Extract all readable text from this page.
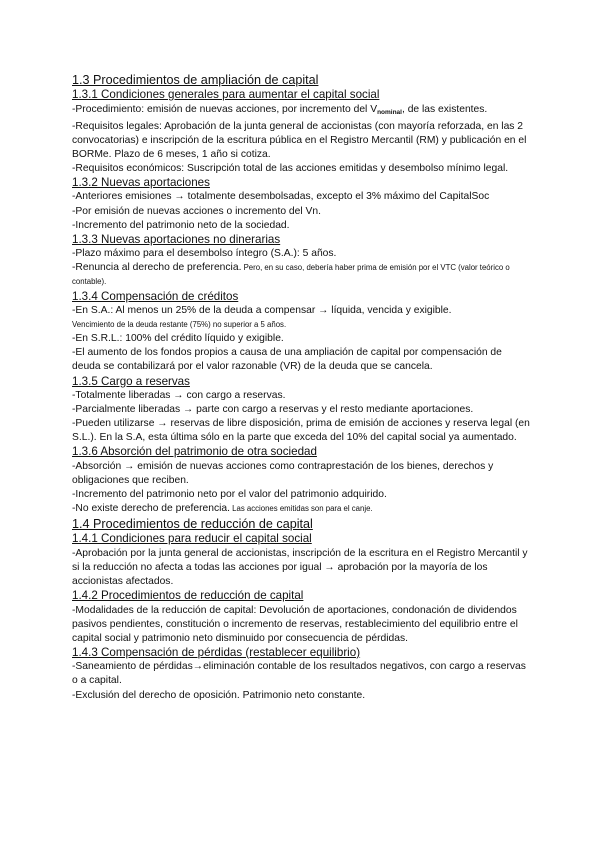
1.3 Procedimientos de ampliación de capital
1.3.1 Condiciones generales para aumentar el capital social

-Procedimiento: emisión de nuevas acciones, por incremento del $V_{nominal}$, de las existentes.

-Requisitos legales: Aprobación de la junta general de accionistas (con mayoría reforzada, en las 2 convocatorias) e inscripción de la escritura pública en el Registro Mercantil (RM) y publicación en el BORMe. Plazo de 6 meses, 1 año si cotiza.

-Requisitos económicos: Suscripción total de las acciones emitidas y desembolso mínimo legal.

1.3.2 Nuevas aportaciones

-Anteriores emisiones → totalmente desembolsadas, excepto el 3% máximo del CapitalSoc

-Por emisión de nuevas acciones o incremento del Vn.

-Incremento del patrimonio neto de la sociedad.

1.3.3 Nuevas aportaciones no dinerarias

-Plazo máximo para el desembolso íntegro (S.A.): 5 años.

-Renuncia al derecho de preferencia. Pero, en su caso, debería haber prima de emisión por el VTC (valor teórico o contable).

1.3.4 Compensación de créditos

-En S.A.: Al menos un 25% de la deuda a compensar → líquida, vencida y exigible.

Vencimiento de la deuda restante (75%) no superior a 5 años.

-En S.R.L.: 100% del crédito líquido y exigible.

-El aumento de los fondos propios a causa de una ampliación de capital por compensación de deuda se contabilizará por el valor razonable (VR) de la deuda que se cancela.

1.3.5 Cargo a reservas

-Totalmente liberadas → con cargo a reservas.

-Parcialmente liberadas → parte con cargo a reservas y el resto mediante aportaciones.

-Pueden utilizarse → reservas de libre disposición, prima de emisión de acciones y reserva legal (en S.L.). En la S.A, esta última sólo en la parte que exceda del 10% del capital social ya aumentado.

1.3.6 Absorción del patrimonio de otra sociedad

-Absorción → emisión de nuevas acciones como contraprestación de los bienes, derechos y obligaciones que reciben.

-Incremento del patrimonio neto por el valor del patrimonio adquirido.

-No existe derecho de preferencia. Las acciones emitidas son para el canje.

1.4 Procedimientos de reducción de capital
1.4.1 Condiciones para reducir el capital social

-Aprobación por la junta general de accionistas, inscripción de la escritura en el Registro Mercantil y si la reducción no afecta a todas las acciones por igual → aprobación por la mayoría de los accionistas afectados.

1.4.2 Procedimientos de reducción de capital

-Modalidades de la reducción de capital: Devolución de aportaciones, condonación de dividendos pasivos pendientes, constitución o incremento de reservas, restablecimiento del equilibrio entre el capital social y patrimonio neto disminuido por consecuencia de pérdidas.

1.4.3 Compensación de pérdidas (restablecer equilibrio)

-Saneamiento de pérdidas→eliminación contable de los resultados negativos, con cargo a reservas o a capital.

-Exclusión del derecho de oposición. Patrimonio neto constante.
